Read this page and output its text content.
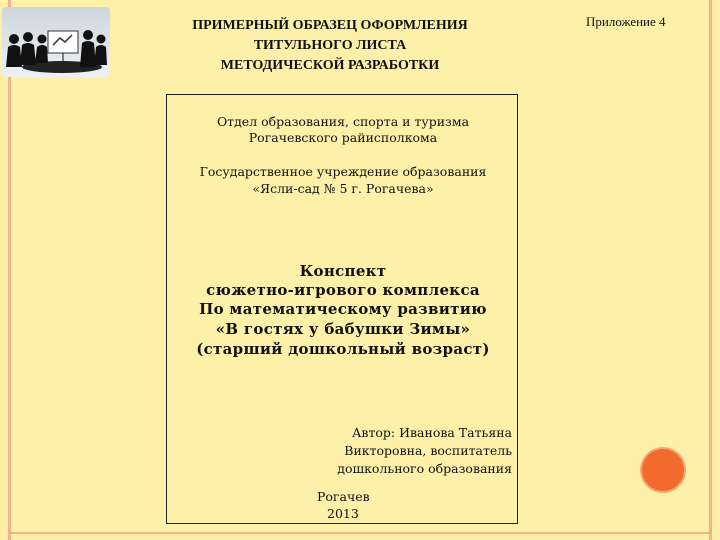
ПРИМЕРНЫЙ ОБРАЗЕЦ ОФОРМЛЕНИЯ
ТИТУЛЬНОГО ЛИСТА
МЕТОДИЧЕСКОЙ РАЗРАБОТКИ
Приложение 4
Отдел образования, спорта и туризма
Рогачевского райисполкома
Государственное учреждение образования
«Ясли-сад № 5 г. Рогачева»
Конспект
сюжетно-игрового комплекса
По математическому развитию
«В гостях у бабушки Зимы»
(старший дошкольный возраст)
Автор: Иванова Татьяна
Викторовна, воспитатель
дошкольного образования
Рогачев
2013
